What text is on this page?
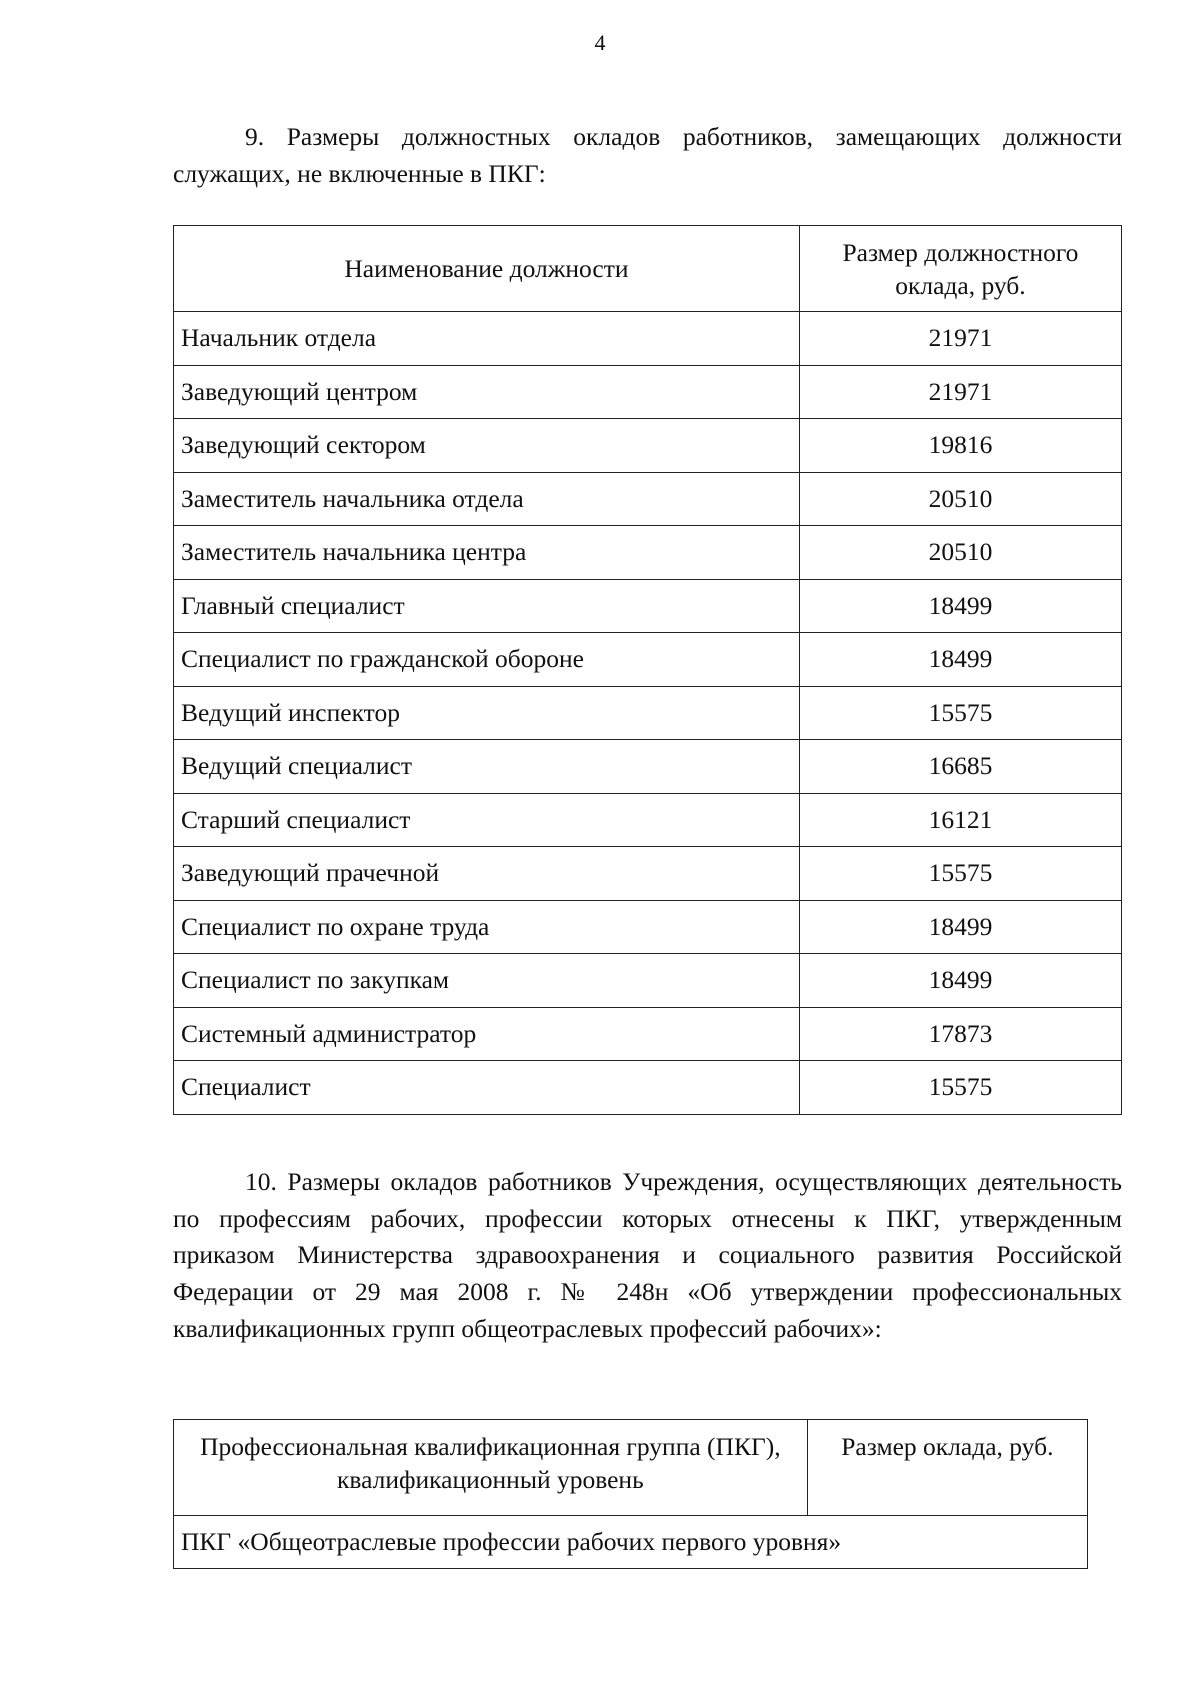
4

9. Размеры должностных окладов работников, замещающих должности служащих, не включенные в ПКГ:

Наименование должности	Размер должностного оклада, руб.
Начальник отдела	21971
Заведующий центром	21971
Заведующий сектором	19816
Заместитель начальника отдела	20510
Заместитель начальника центра	20510
Главный специалист	18499
Специалист по гражданской обороне	18499
Ведущий инспектор	15575
Ведущий специалист	16685
Старший специалист	16121
Заведующий прачечной	15575
Специалист по охране труда	18499
Специалист по закупкам	18499
Системный администратор	17873
Специалист	15575

10. Размеры окладов работников Учреждения, осуществляющих деятельность по профессиям рабочих, профессии которых отнесены к ПКГ, утвержденным приказом Министерства здравоохранения и социального развития Российской Федерации от 29 мая 2008 г. № 248н «Об утверждении профессиональных квалификационных групп общеотраслевых профессий рабочих»:

Профессиональная квалификационная группа (ПКГ), квалификационный уровень	Размер оклада, руб.
ПКГ «Общеотраслевые профессии рабочих первого уровня»
